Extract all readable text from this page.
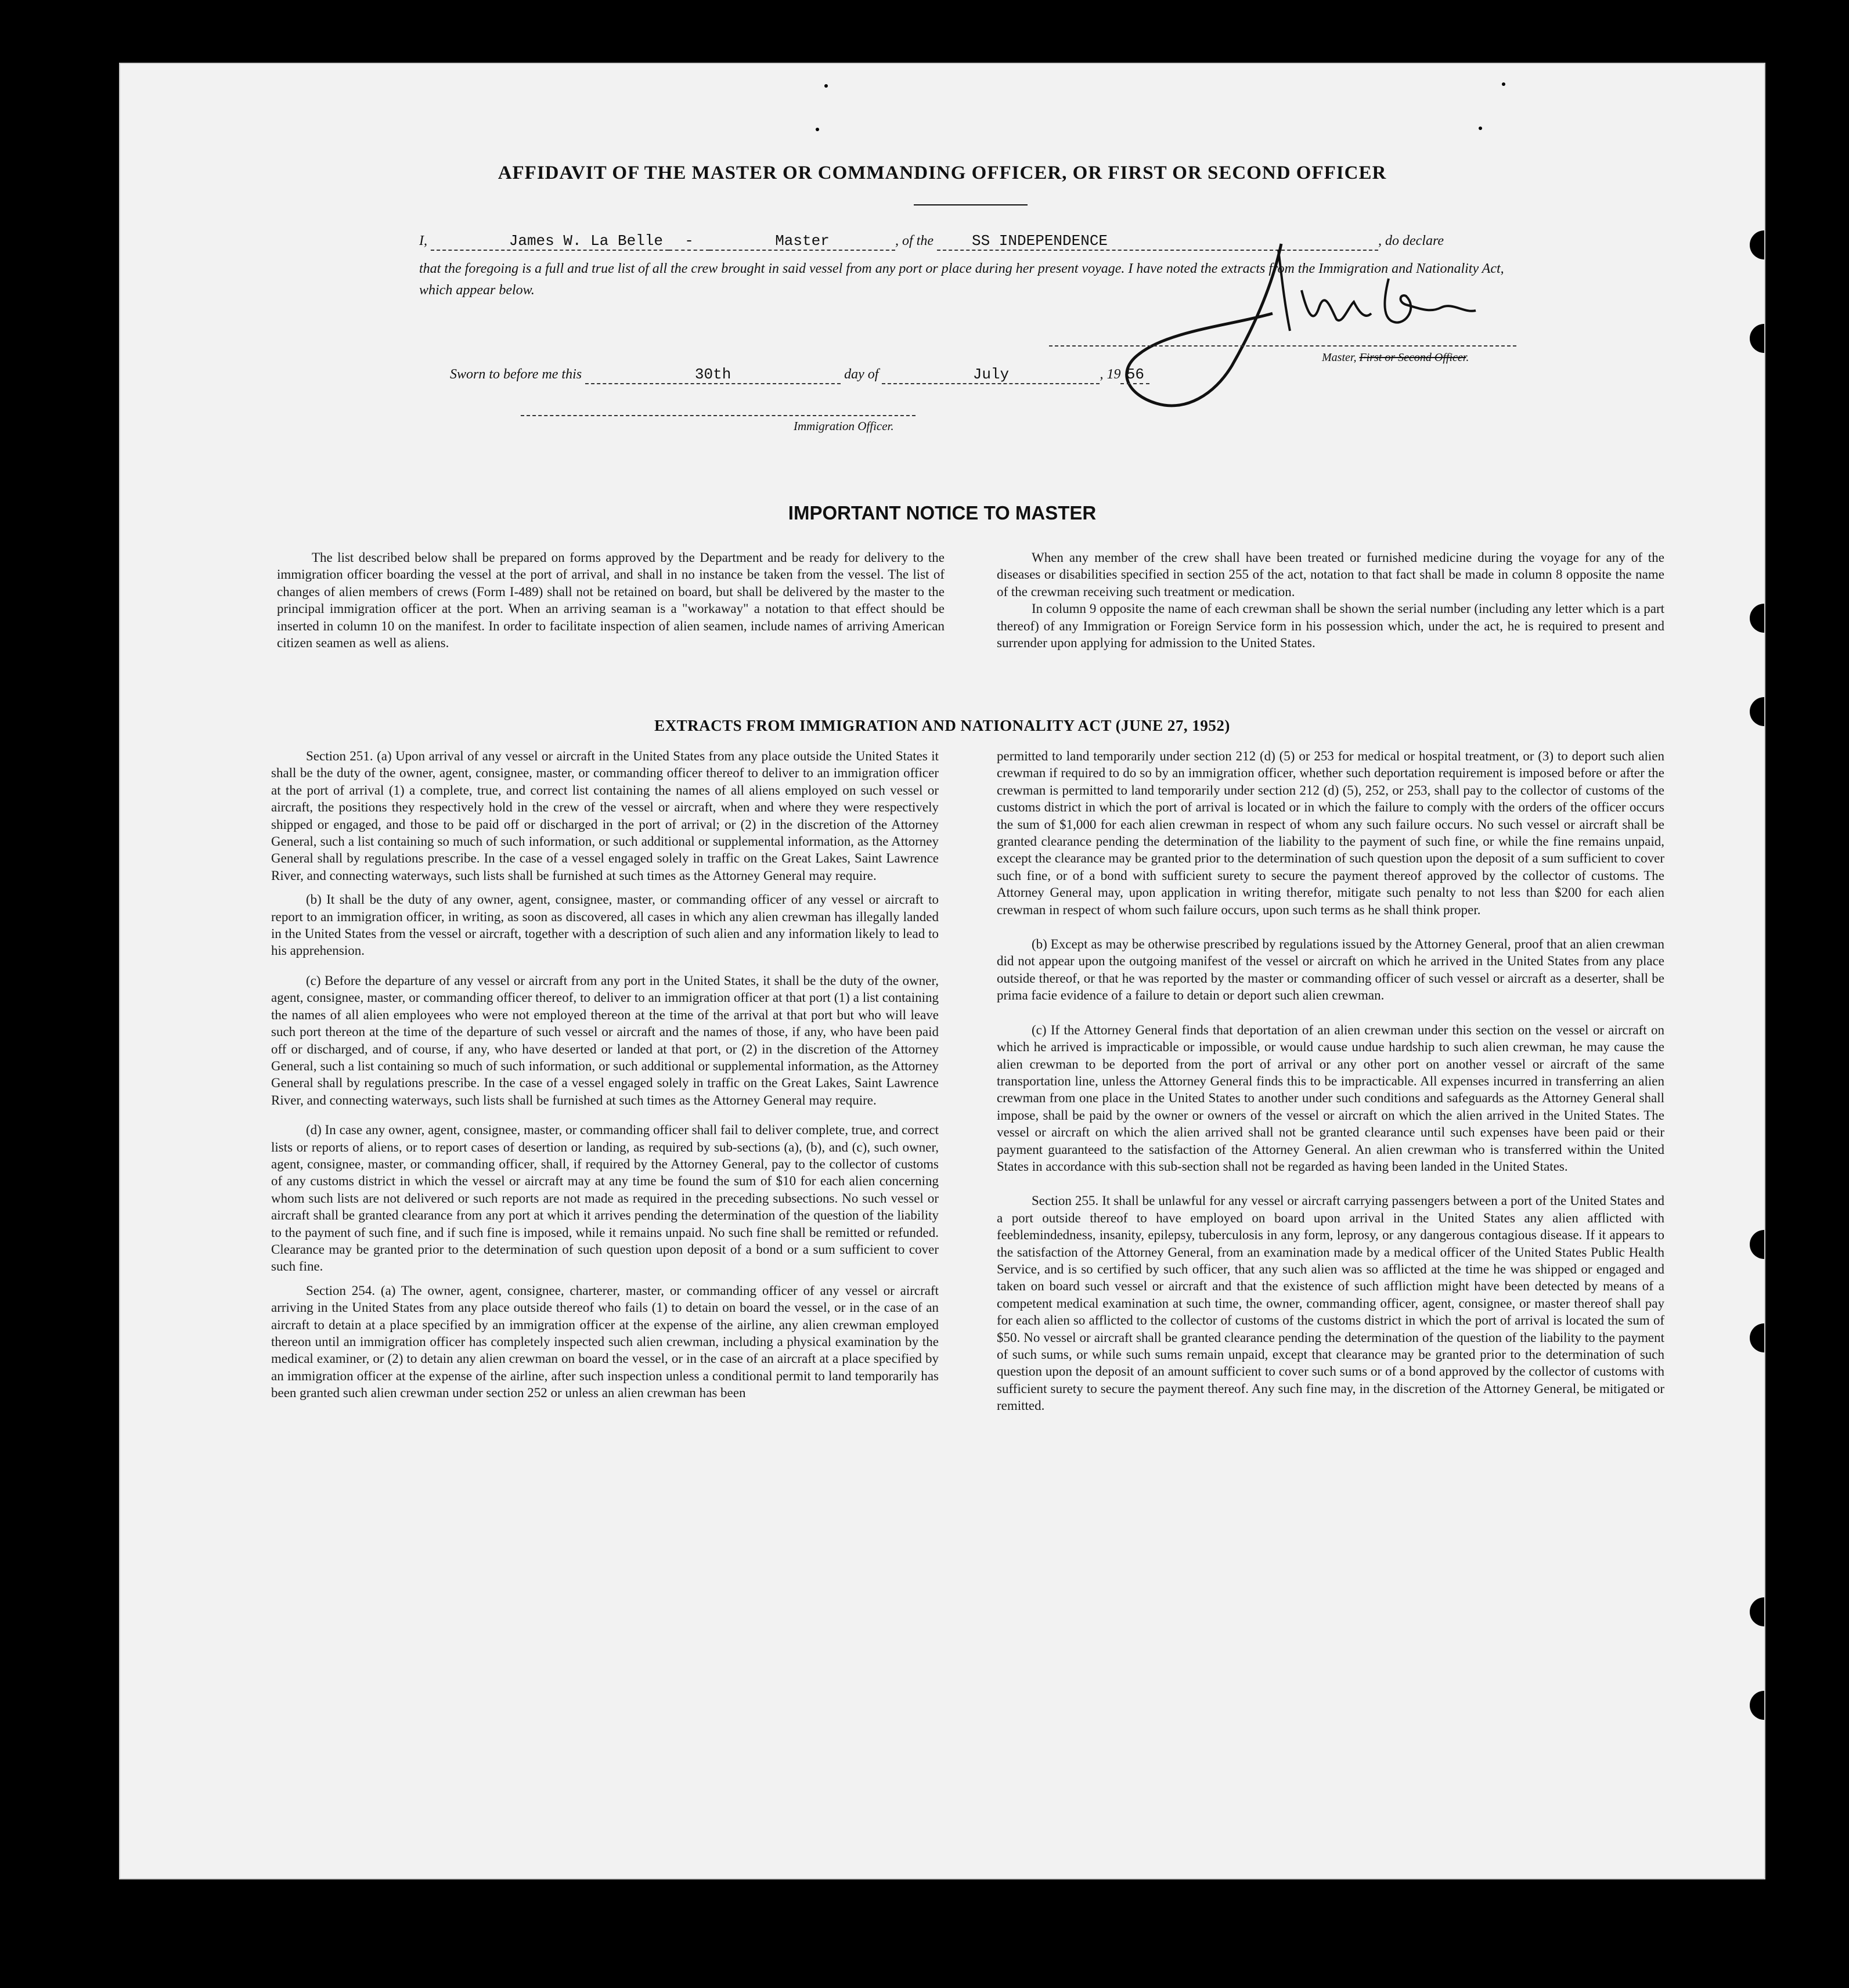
AFFIDAVIT OF THE MASTER OR COMMANDING OFFICER, OR FIRST OR SECOND OFFICER
I,	James W. La Belle -	Master	, of the	SS INDEPENDENCE	, do declare
that the foregoing is a full and true list of all the crew brought in said vessel from any port or place during her present voyage. I have noted the extracts from the Immigration and Nationality Act, which appear below.
Master, First or Second Officer.
Sworn to before me this	30th	day of	July	, 19 56
Immigration Officer.
IMPORTANT NOTICE TO MASTER

The list described below shall be prepared on forms approved by the Department and be ready for delivery to the immigration officer boarding the vessel at the port of arrival, and shall in no instance be taken from the vessel. The list of changes of alien members of crews (Form I-489) shall not be retained on board, but shall be delivered by the master to the principal immigration officer at the port. When an arriving seaman is a "workaway" a notation to that effect should be inserted in column 10 on the manifest. In order to facilitate inspection of alien seamen, include names of arriving American citizen seamen as well as aliens.

When any member of the crew shall have been treated or furnished medicine during the voyage for any of the diseases or disabilities specified in section 255 of the act, notation to that fact shall be made in column 8 opposite the name of the crewman receiving such treatment or medication.

In column 9 opposite the name of each crewman shall be shown the serial number (including any letter which is a part thereof) of any Immigration or Foreign Service form in his possession which, under the act, he is required to present and surrender upon applying for admission to the United States.

EXTRACTS FROM IMMIGRATION AND NATIONALITY ACT (JUNE 27, 1952)

Section 251. (a) Upon arrival of any vessel or aircraft in the United States from any place outside the United States it shall be the duty of the owner, agent, consignee, master, or commanding officer thereof to deliver to an immigration officer at the port of arrival (1) a complete, true, and correct list containing the names of all aliens employed on such vessel or aircraft, the positions they respectively hold in the crew of the vessel or aircraft, when and where they were respectively shipped or engaged, and those to be paid off or discharged in the port of arrival; or (2) in the discretion of the Attorney General, such a list containing so much of such information, or such additional or supplemental information, as the Attorney General shall by regulations prescribe. In the case of a vessel engaged solely in traffic on the Great Lakes, Saint Lawrence River, and connecting waterways, such lists shall be furnished at such times as the Attorney General may require.

(b) It shall be the duty of any owner, agent, consignee, master, or commanding officer of any vessel or aircraft to report to an immigration officer, in writing, as soon as discovered, all cases in which any alien crewman has illegally landed in the United States from the vessel or aircraft, together with a description of such alien and any information likely to lead to his apprehension.

(c) Before the departure of any vessel or aircraft from any port in the United States, it shall be the duty of the owner, agent, consignee, master, or commanding officer thereof, to deliver to an immigration officer at that port (1) a list containing the names of all alien employees who were not employed thereon at the time of the arrival at that port but who will leave such port thereon at the time of the departure of such vessel or aircraft and the names of those, if any, who have been paid off or discharged, and of course, if any, who have deserted or landed at that port, or (2) in the discretion of the Attorney General, such a list containing so much of such information, or such additional or supplemental information, as the Attorney General shall by regulations prescribe. In the case of a vessel engaged solely in traffic on the Great Lakes, Saint Lawrence River, and connecting waterways, such lists shall be furnished at such times as the Attorney General may require.

(d) In case any owner, agent, consignee, master, or commanding officer shall fail to deliver complete, true, and correct lists or reports of aliens, or to report cases of desertion or landing, as required by sub-sections (a), (b), and (c), such owner, agent, consignee, master, or commanding officer, shall, if required by the Attorney General, pay to the collector of customs of any customs district in which the vessel or aircraft may at any time be found the sum of $10 for each alien concerning whom such lists are not delivered or such reports are not made as required in the preceding subsections. No such vessel or aircraft shall be granted clearance from any port at which it arrives pending the determination of the question of the liability to the payment of such fine, and if such fine is imposed, while it remains unpaid. No such fine shall be remitted or refunded. Clearance may be granted prior to the determination of such question upon deposit of a bond or a sum sufficient to cover such fine.

Section 254. (a) The owner, agent, consignee, charterer, master, or commanding officer of any vessel or aircraft arriving in the United States from any place outside thereof who fails (1) to detain on board the vessel, or in the case of an aircraft to detain at a place specified by an immigration officer at the expense of the airline, any alien crewman employed thereon until an immigration officer has completely inspected such alien crewman, including a physical examination by the medical examiner, or (2) to detain any alien crewman on board the vessel, or in the case of an aircraft at a place specified by an immigration officer at the expense of the airline, after such inspection unless a conditional permit to land temporarily has been granted such alien crewman under section 252 or unless an alien crewman has been

permitted to land temporarily under section 212 (d) (5) or 253 for medical or hospital treatment, or (3) to deport such alien crewman if required to do so by an immigration officer, whether such deportation requirement is imposed before or after the crewman is permitted to land temporarily under section 212 (d) (5), 252, or 253, shall pay to the collector of customs of the customs district in which the port of arrival is located or in which the failure to comply with the orders of the officer occurs the sum of $1,000 for each alien crewman in respect of whom any such failure occurs. No such vessel or aircraft shall be granted clearance pending the determination of the liability to the payment of such fine, or while the fine remains unpaid, except the clearance may be granted prior to the determination of such question upon the deposit of a sum sufficient to cover such fine, or of a bond with sufficient surety to secure the payment thereof approved by the collector of customs. The Attorney General may, upon application in writing therefor, mitigate such penalty to not less than $200 for each alien crewman in respect of whom such failure occurs, upon such terms as he shall think proper.

(b) Except as may be otherwise prescribed by regulations issued by the Attorney General, proof that an alien crewman did not appear upon the outgoing manifest of the vessel or aircraft on which he arrived in the United States from any place outside thereof, or that he was reported by the master or commanding officer of such vessel or aircraft as a deserter, shall be prima facie evidence of a failure to detain or deport such alien crewman.

(c) If the Attorney General finds that deportation of an alien crewman under this section on the vessel or aircraft on which he arrived is impracticable or impossible, or would cause undue hardship to such alien crewman, he may cause the alien crewman to be deported from the port of arrival or any other port on another vessel or aircraft of the same transportation line, unless the Attorney General finds this to be impracticable. All expenses incurred in transferring an alien crewman from one place in the United States to another under such conditions and safeguards as the Attorney General shall impose, shall be paid by the owner or owners of the vessel or aircraft on which the alien arrived in the United States. The vessel or aircraft on which the alien arrived shall not be granted clearance until such expenses have been paid or their payment guaranteed to the satisfaction of the Attorney General. An alien crewman who is transferred within the United States in accordance with this sub-section shall not be regarded as having been landed in the United States.

Section 255. It shall be unlawful for any vessel or aircraft carrying passengers between a port of the United States and a port outside thereof to have employed on board upon arrival in the United States any alien afflicted with feeblemindedness, insanity, epilepsy, tuberculosis in any form, leprosy, or any dangerous contagious disease. If it appears to the satisfaction of the Attorney General, from an examination made by a medical officer of the United States Public Health Service, and is so certified by such officer, that any such alien was so afflicted at the time he was shipped or engaged and taken on board such vessel or aircraft and that the existence of such affliction might have been detected by means of a competent medical examination at such time, the owner, commanding officer, agent, consignee, or master thereof shall pay for each alien so afflicted to the collector of customs of the customs district in which the port of arrival is located the sum of $50. No vessel or aircraft shall be granted clearance pending the determination of the question of the liability to the payment of such sums, or while such sums remain unpaid, except that clearance may be granted prior to the determination of such question upon the deposit of an amount sufficient to cover such sums or of a bond approved by the collector of customs with sufficient surety to secure the payment thereof. Any such fine may, in the discretion of the Attorney General, be mitigated or remitted.
